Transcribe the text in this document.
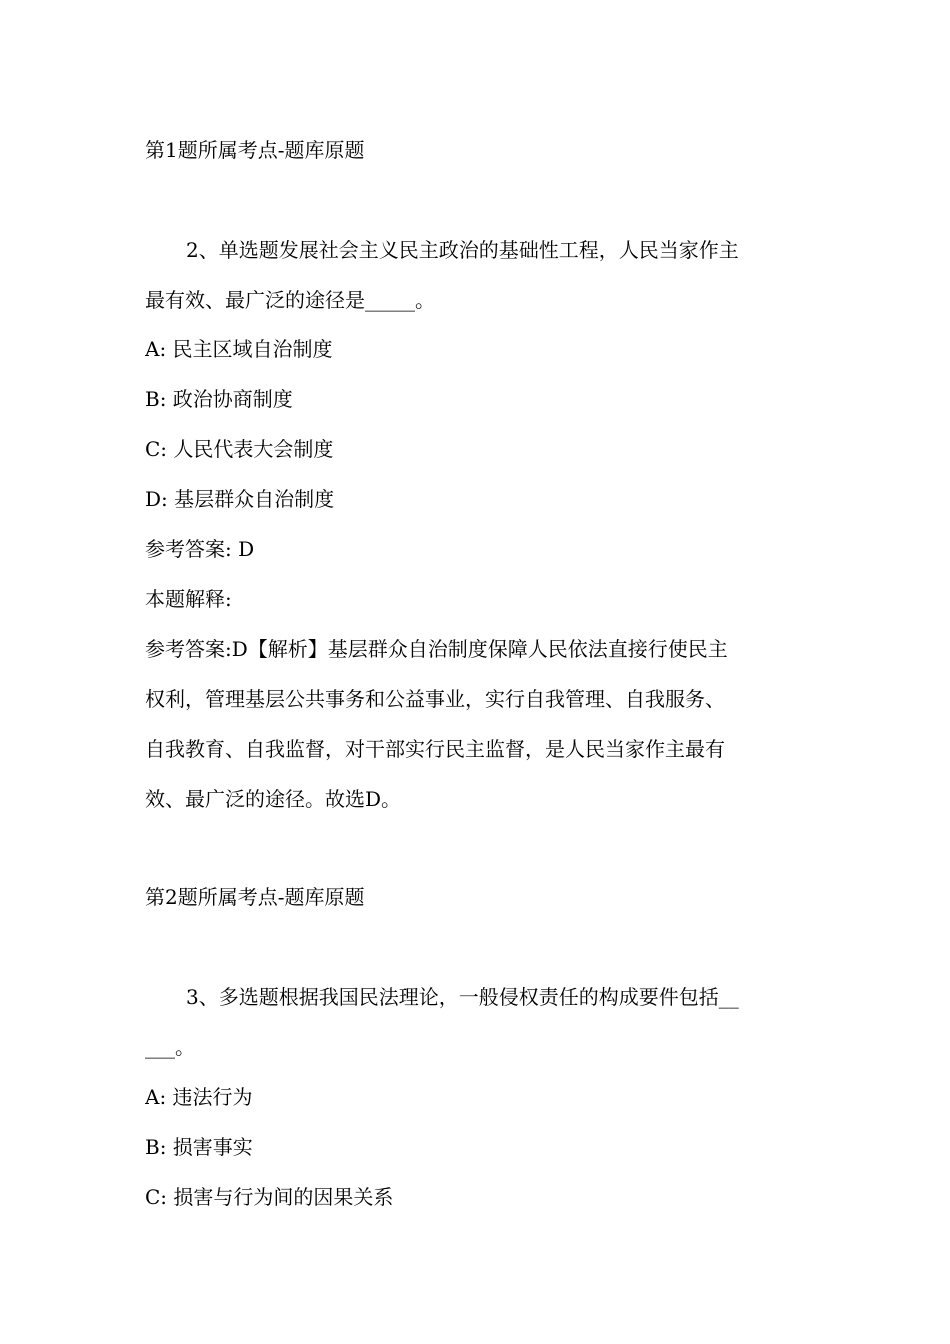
第1题所属考点-题库原题
2、单选题发展社会主义民主政治的基础性工程，人民当家作主
最有效、最广泛的途径是_____。
A: 民主区域自治制度
B: 政治协商制度
C: 人民代表大会制度
D: 基层群众自治制度
参考答案: D
本题解释:
参考答案:D【解析】基层群众自治制度保障人民依法直接行使民主
权利，管理基层公共事务和公益事业，实行自我管理、自我服务、
自我教育、自我监督，对干部实行民主监督，是人民当家作主最有
效、最广泛的途径。故选D。
第2题所属考点-题库原题
3、多选题根据我国民法理论，一般侵权责任的构成要件包括__
___。
A: 违法行为
B: 损害事实
C: 损害与行为间的因果关系
